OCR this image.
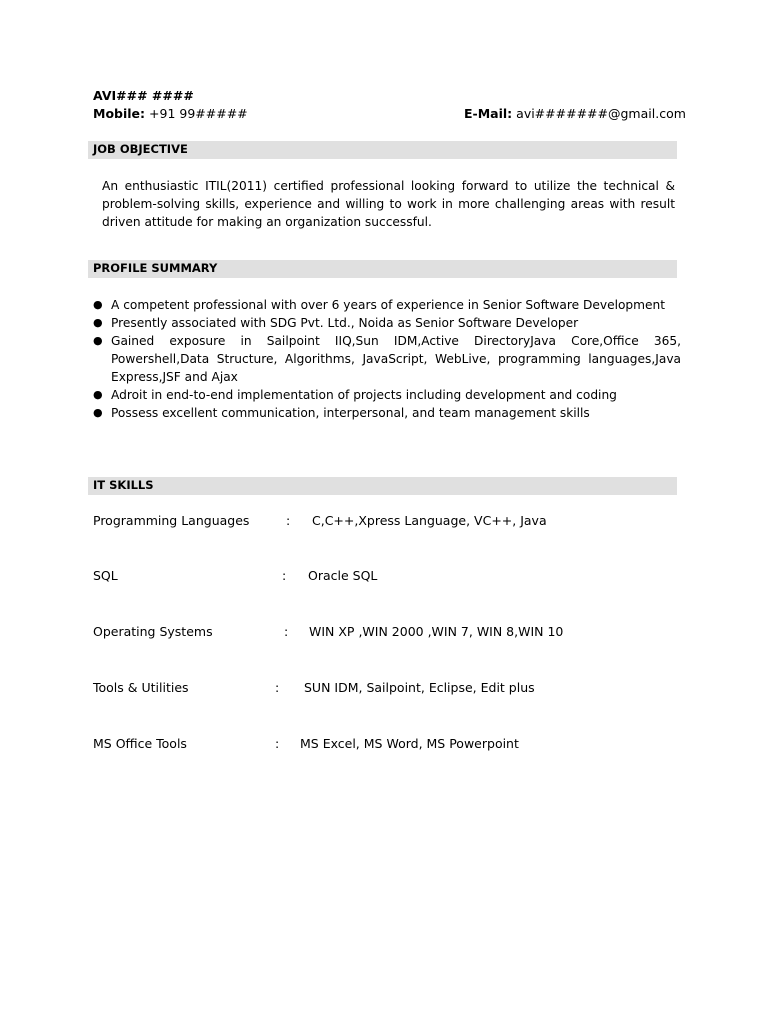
AVI### ####
Mobile: +91 99#####	E-Mail: avi#######@gmail.com
JOB OBJECTIVE
An enthusiastic ITIL(2011) certified professional looking forward to utilize the technical & problem-solving skills, experience and willing to work in more challenging areas with result driven attitude for making an organization successful.
PROFILE SUMMARY
● A competent professional with over 6 years of experience in Senior Software Development
● Presently associated with SDG Pvt. Ltd., Noida as Senior Software Developer
● Gained exposure in Sailpoint IIQ,Sun IDM,Active DirectoryJava Core,Office 365, Powershell,Data Structure, Algorithms, JavaScript, WebLive, programming languages,Java Express,JSF and Ajax
● Adroit in end-to-end implementation of projects including development and coding
● Possess excellent communication, interpersonal, and team management skills
IT SKILLS
Programming Languages	: C,C++,Xpress Language, VC++, Java
SQL	: Oracle SQL
Operating Systems	: WIN XP ,WIN 2000 ,WIN 7, WIN 8,WIN 10
Tools & Utilities	: SUN IDM, Sailpoint, Eclipse, Edit plus
MS Office Tools	: MS Excel, MS Word, MS Powerpoint
